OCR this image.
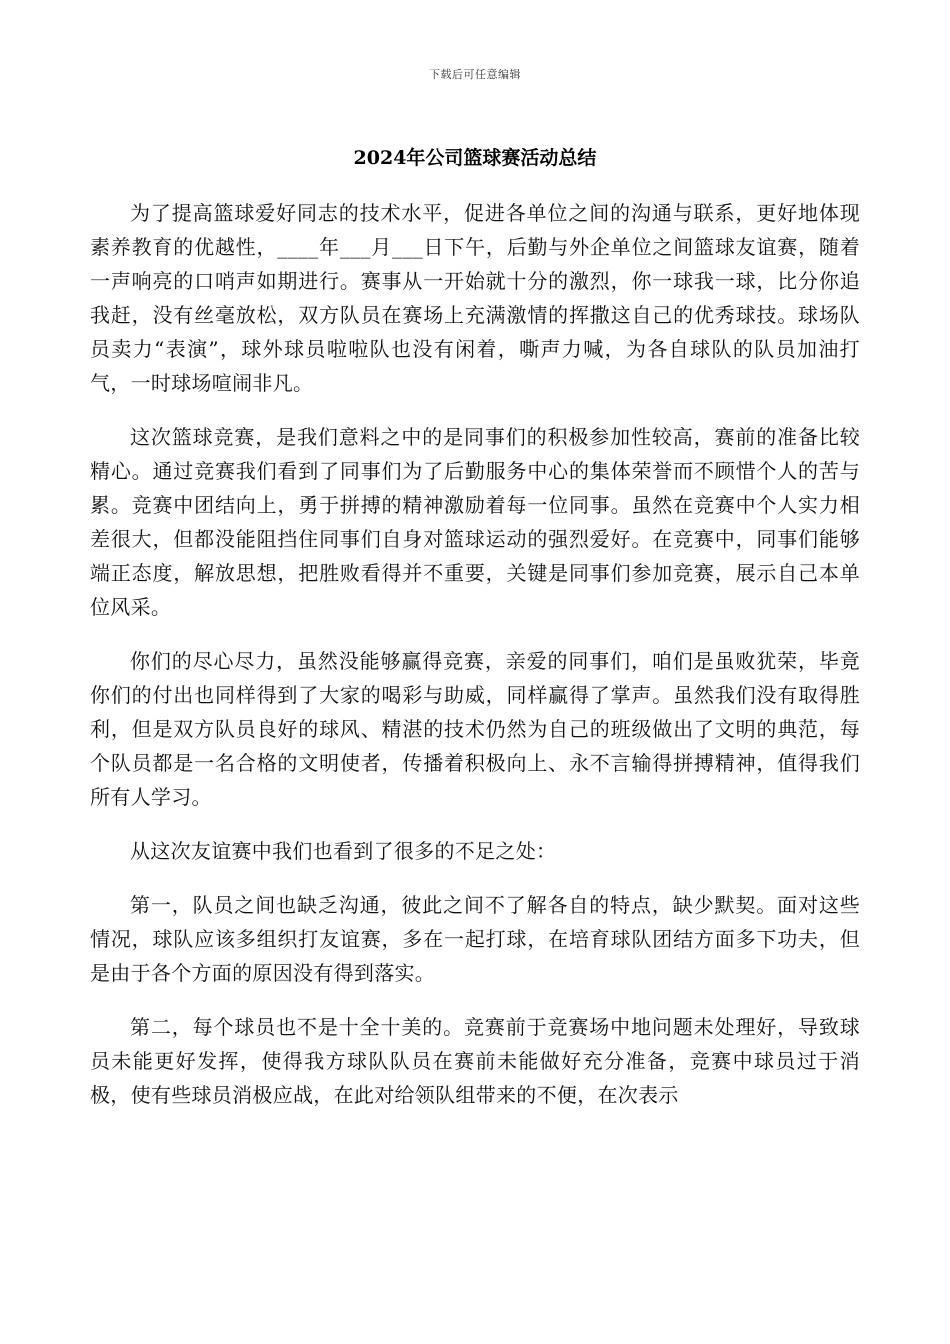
下载后可任意编辑
2024年公司篮球赛活动总结

为了提高篮球爱好同志的技术水平，促进各单位之间的沟通与联系，更好地体现素养教育的优越性，____年___月___日下午，后勤与外企单位之间篮球友谊赛，随着一声响亮的口哨声如期进行。赛事从一开始就十分的激烈，你一球我一球，比分你追我赶，没有丝毫放松，双方队员在赛场上充满激情的挥撒这自己的优秀球技。球场队员卖力“表演”，球外球员啦啦队也没有闲着，嘶声力喊，为各自球队的队员加油打气，一时球场喧闹非凡。

这次篮球竞赛，是我们意料之中的是同事们的积极参加性较高，赛前的准备比较精心。通过竞赛我们看到了同事们为了后勤服务中心的集体荣誉而不顾惜个人的苦与累。竞赛中团结向上，勇于拼搏的精神激励着每一位同事。虽然在竞赛中个人实力相差很大，但都没能阻挡住同事们自身对篮球运动的强烈爱好。在竞赛中，同事们能够端正态度，解放思想，把胜败看得并不重要，关键是同事们参加竞赛，展示自己本单位风采。

你们的尽心尽力，虽然没能够赢得竞赛，亲爱的同事们，咱们是虽败犹荣，毕竟你们的付出也同样得到了大家的喝彩与助威，同样赢得了掌声。虽然我们没有取得胜利，但是双方队员良好的球风、精湛的技术仍然为自己的班级做出了文明的典范，每个队员都是一名合格的文明使者，传播着积极向上、永不言输得拼搏精神，值得我们所有人学习。

从这次友谊赛中我们也看到了很多的不足之处：

第一，队员之间也缺乏沟通，彼此之间不了解各自的特点，缺少默契。面对这些情况，球队应该多组织打友谊赛，多在一起打球，在培育球队团结方面多下功夫，但是由于各个方面的原因没有得到落实。

第二，每个球员也不是十全十美的。竞赛前于竞赛场中地问题未处理好，导致球员未能更好发挥，使得我方球队队员在赛前未能做好充分准备，竞赛中球员过于消极，使有些球员消极应战，在此对给领队组带来的不便，在次表示
